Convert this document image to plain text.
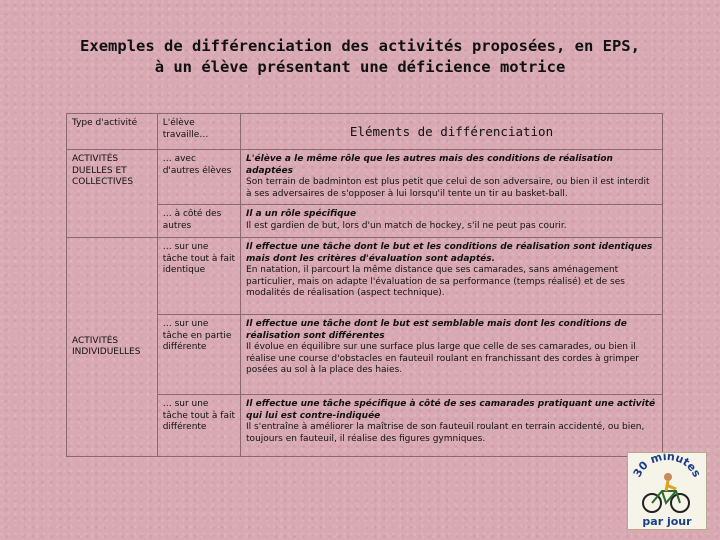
Exemples de différenciation des activités proposées, en EPS,
à un élève présentant une déficience motrice
Type d'activité	L'élève travaille…	Eléments de différenciation
ACTIVITÉS DUELLES ET COLLECTIVES	… avec d'autres élèves	L'élève a le même rôle que les autres mais des conditions de réalisation adaptées
Son terrain de badminton est plus petit que celui de son adversaire, ou bien il est interdit à ses adversaires de s'opposer à lui lorsqu'il tente un tir au basket-ball.

	… à côté des autres	Il a un rôle spécifique
Il est gardien de but, lors d'un match de hockey, s'il ne peut pas courir.

ACTIVITÉS INDIVIDUELLES	… sur une tâche tout à fait identique	Il effectue une tâche dont le but et les conditions de réalisation sont identiques mais dont les critères d'évaluation sont adaptés.
En natation, il parcourt la même distance que ses camarades, sans aménagement particulier, mais on adapte l'évaluation de sa performance (temps réalisé) et de ses modalités de réalisation (aspect technique).

	… sur une tâche en partie différente	Il effectue une tâche dont le but est semblable mais dont les conditions de réalisation sont différentes
Il évolue en équilibre sur une surface plus large que celle de ses camarades, ou bien il réalise une course d'obstacles en fauteuil roulant en franchissant des cordes à grimper posées au sol à la place des haies.

	… sur une tâche tout à fait différente	Il effectue une tâche spécifique à côté de ses camarades pratiquant une activité qui lui est contre-indiquée
Il s'entraîne à améliorer la maîtrise de son fauteuil roulant en terrain accidenté, ou bien, toujours en fauteuil, il réalise des figures gymniques.
30 minutes
par jour
